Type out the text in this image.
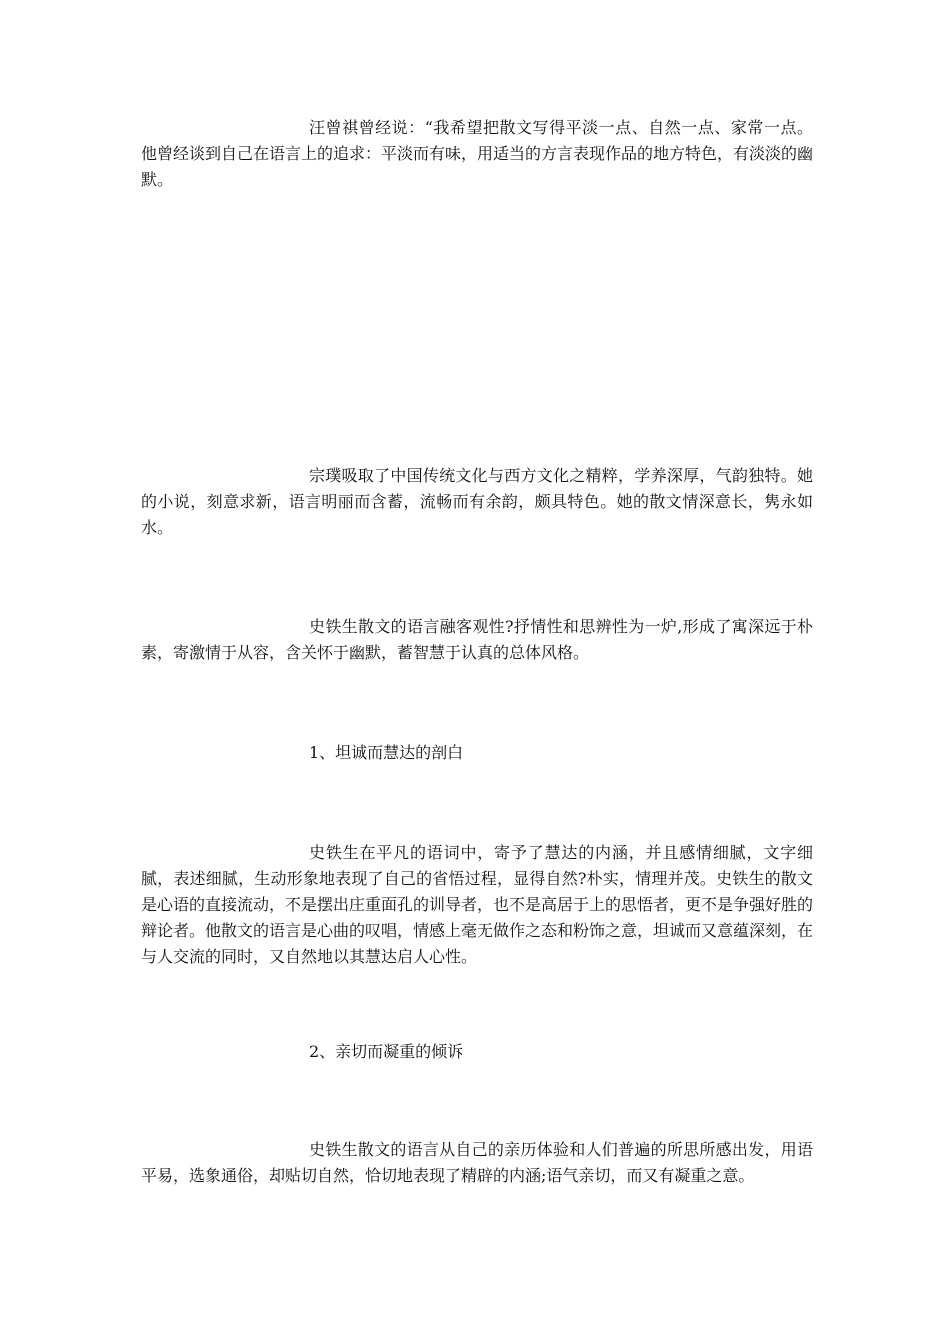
汪曾祺曾经说：“我希望把散文写得平淡一点、自然一点、家常一点。他曾经谈到自己在语言上的追求：平淡而有味，用适当的方言表现作品的地方特色，有淡淡的幽默。

宗璞吸取了中国传统文化与西方文化之精粹，学养深厚，气韵独特。她的小说，刻意求新，语言明丽而含蓄，流畅而有余韵，颇具特色。她的散文情深意长，隽永如水。

史铁生散文的语言融客观性?抒情性和思辨性为一炉,形成了寓深远于朴素，寄激情于从容，含关怀于幽默，蓄智慧于认真的总体风格。

1、坦诚而慧达的剖白

史铁生在平凡的语词中，寄予了慧达的内涵，并且感情细腻，文字细腻，表述细腻，生动形象地表现了自己的省悟过程，显得自然?朴实，情理并茂。史铁生的散文是心语的直接流动，不是摆出庄重面孔的训导者，也不是高居于上的思悟者，更不是争强好胜的辩论者。他散文的语言是心曲的叹唱，情感上毫无做作之态和粉饰之意，坦诚而又意蕴深刻，在与人交流的同时，又自然地以其慧达启人心性。

2、亲切而凝重的倾诉

史铁生散文的语言从自己的亲历体验和人们普遍的所思所感出发，用语平易，选象通俗，却贴切自然，恰切地表现了精辟的内涵;语气亲切，而又有凝重之意。
